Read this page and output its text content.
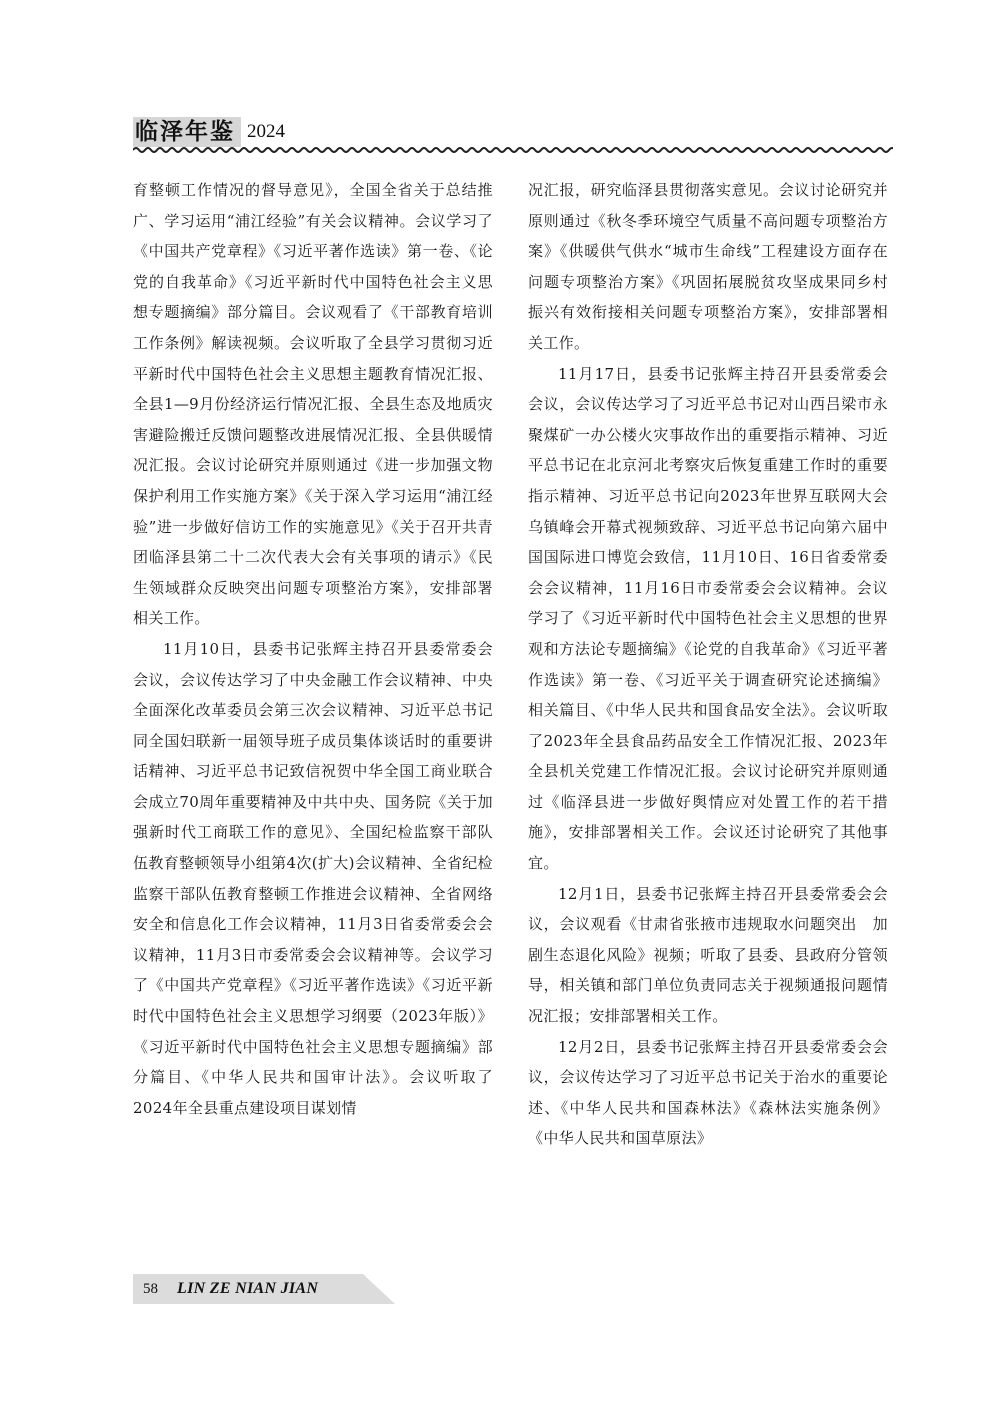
临泽年鉴 2024

育整顿工作情况的督导意见》，全国全省关于总结推广、学习运用“浦江经验”有关会议精神。会议学习了《中国共产党章程》《习近平著作选读》第一卷、《论党的自我革命》《习近平新时代中国特色社会主义思想专题摘编》部分篇目。会议观看了《干部教育培训工作条例》解读视频。会议听取了全县学习贯彻习近平新时代中国特色社会主义思想主题教育情况汇报、全县1—9月份经济运行情况汇报、全县生态及地质灾害避险搬迁反馈问题整改进展情况汇报、全县供暖情况汇报。会议讨论研究并原则通过《进一步加强文物保护利用工作实施方案》《关于深入学习运用“浦江经验”进一步做好信访工作的实施意见》《关于召开共青团临泽县第二十二次代表大会有关事项的请示》《民生领域群众反映突出问题专项整治方案》，安排部署相关工作。

11月10日，县委书记张辉主持召开县委常委会会议，会议传达学习了中央金融工作会议精神、中央全面深化改革委员会第三次会议精神、习近平总书记同全国妇联新一届领导班子成员集体谈话时的重要讲话精神、习近平总书记致信祝贺中华全国工商业联合会成立70周年重要精神及中共中央、国务院《关于加强新时代工商联工作的意见》、全国纪检监察干部队伍教育整顿领导小组第4次(扩大)会议精神、全省纪检监察干部队伍教育整顿工作推进会议精神、全省网络安全和信息化工作会议精神，11月3日省委常委会会议精神，11月3日市委常委会会议精神等。会议学习了《中国共产党章程》《习近平著作选读》《习近平新时代中国特色社会主义思想学习纲要（2023年版）》《习近平新时代中国特色社会主义思想专题摘编》部分篇目、《中华人民共和国审计法》。会议听取了2024年全县重点建设项目谋划情

况汇报，研究临泽县贯彻落实意见。会议讨论研究并原则通过《秋冬季环境空气质量不高问题专项整治方案》《供暖供气供水“城市生命线”工程建设方面存在问题专项整治方案》《巩固拓展脱贫攻坚成果同乡村振兴有效衔接相关问题专项整治方案》，安排部署相关工作。

11月17日，县委书记张辉主持召开县委常委会会议，会议传达学习了习近平总书记对山西吕梁市永聚煤矿一办公楼火灾事故作出的重要指示精神、习近平总书记在北京河北考察灾后恢复重建工作时的重要指示精神、习近平总书记向2023年世界互联网大会乌镇峰会开幕式视频致辞、习近平总书记向第六届中国国际进口博览会致信，11月10日、16日省委常委会会议精神，11月16日市委常委会会议精神。会议学习了《习近平新时代中国特色社会主义思想的世界观和方法论专题摘编》《论党的自我革命》《习近平著作选读》第一卷、《习近平关于调查研究论述摘编》相关篇目、《中华人民共和国食品安全法》。会议听取了2023年全县食品药品安全工作情况汇报、2023年全县机关党建工作情况汇报。会议讨论研究并原则通过《临泽县进一步做好舆情应对处置工作的若干措施》，安排部署相关工作。会议还讨论研究了其他事宜。

12月1日，县委书记张辉主持召开县委常委会会议，会议观看《甘肃省张掖市违规取水问题突出　加剧生态退化风险》视频；听取了县委、县政府分管领导，相关镇和部门单位负责同志关于视频通报问题情况汇报；安排部署相关工作。

12月2日，县委书记张辉主持召开县委常委会会议，会议传达学习了习近平总书记关于治水的重要论述、《中华人民共和国森林法》《森林法实施条例》《中华人民共和国草原法》

58 LIN ZE NIAN JIAN
